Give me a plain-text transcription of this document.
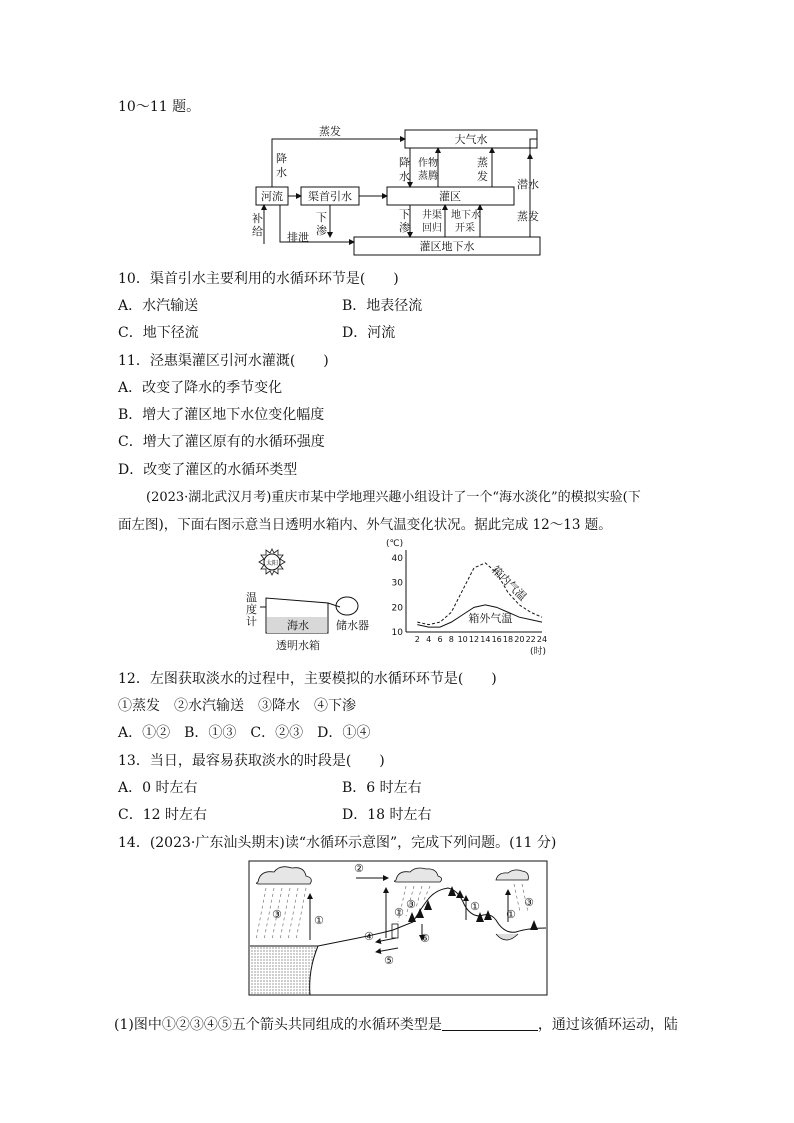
10～11 题。
大气水
河流 渠首引水	灌区
灌区地下水
蒸发
降
水
降
水
作物
蒸腾
蒸
发
潜水
蒸发
补
给
下
渗
排泄
下
渗
井渠
回归
地下水
开采
10．渠首引水主要利用的水循环环节是(　　)
A．水汽输送	B．地表径流
C．地下径流	D．河流
11．泾惠渠灌区引河水灌溉(　　)
A．改变了降水的季节变化
B．增大了灌区地下水位变化幅度
C．增大了灌区原有的水循环强度
D．改变了灌区的水循环类型
(2023·湖北武汉月考)重庆市某中学地理兴趣小组设计了一个“海水淡化”的模拟实验(下
面左图)，下面右图示意当日透明水箱内、外气温变化状况。据此完成 12～13 题。
太阳
温
度
计	海水 储水器
透明水箱
(℃)
10
20
30
40
2 4 6 8 10 12 14 16 18 20 22 24
(时)
箱内气温
箱外气温
12．左图获取淡水的过程中，主要模拟的水循环环节是(　　)
①蒸发　②水汽输送　③降水　④下渗
A．①②　B．①③　C．②③　D．①④
13．当日，最容易获取淡水的时段是(　　)
A．0 时左右	B．6 时左右
C．12 时左右	D．18 时左右
14．(2023·广东汕头期末)读“水循环示意图”，完成下列问题。(11 分)
③	①
②
①
③
⑥
④
⑤
①
①
③
(1)图中①②③④⑤五个箭头共同组成的水循环类型是	，通过该循环运动，陆
